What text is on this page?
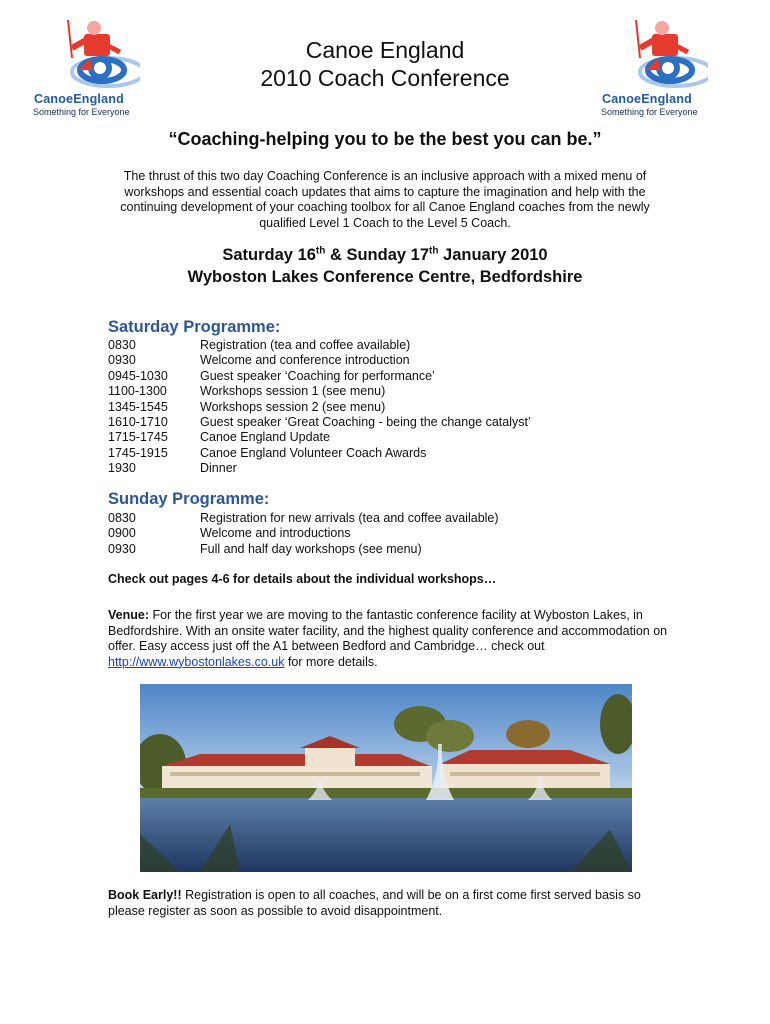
CanoeEngland
Something for Everyone
CanoeEngland
Something for Everyone
Canoe England
2010 Coach Conference
“Coaching-helping you to be the best you can be.”
The thrust of this two day Coaching Conference is an inclusive approach with a mixed menu of workshops and essential coach updates that aims to capture the imagination and help with the continuing development of your coaching toolbox for all Canoe England coaches from the newly qualified Level 1 Coach to the Level 5 Coach.
Saturday 16th & Sunday 17th January 2010
Wyboston Lakes Conference Centre, Bedfordshire
Saturday Programme:
0830	Registration (tea and coffee available)
0930	Welcome and conference introduction
0945-1030	Guest speaker ‘Coaching for performance’
1100-1300	Workshops session 1 (see menu)
1345-1545	Workshops session 2 (see menu)
1610-1710	Guest speaker ‘Great Coaching - being the change catalyst’
1715-1745	Canoe England Update
1745-1915	Canoe England Volunteer Coach Awards
1930	Dinner
Sunday Programme:
0830	Registration for new arrivals (tea and coffee available)
0900	Welcome and introductions
0930	Full and half day workshops (see menu)
Check out pages 4-6 for details about the individual workshops…
Venue: For the first year we are moving to the fantastic conference facility at Wyboston Lakes, in Bedfordshire. With an onsite water facility, and the highest quality conference and accommodation on offer. Easy access just off the A1 between Bedford and Cambridge… check out http://www.wybostonlakes.co.uk for more details.
Book Early!! Registration is open to all coaches, and will be on a first come first served basis so please register as soon as possible to avoid disappointment.
